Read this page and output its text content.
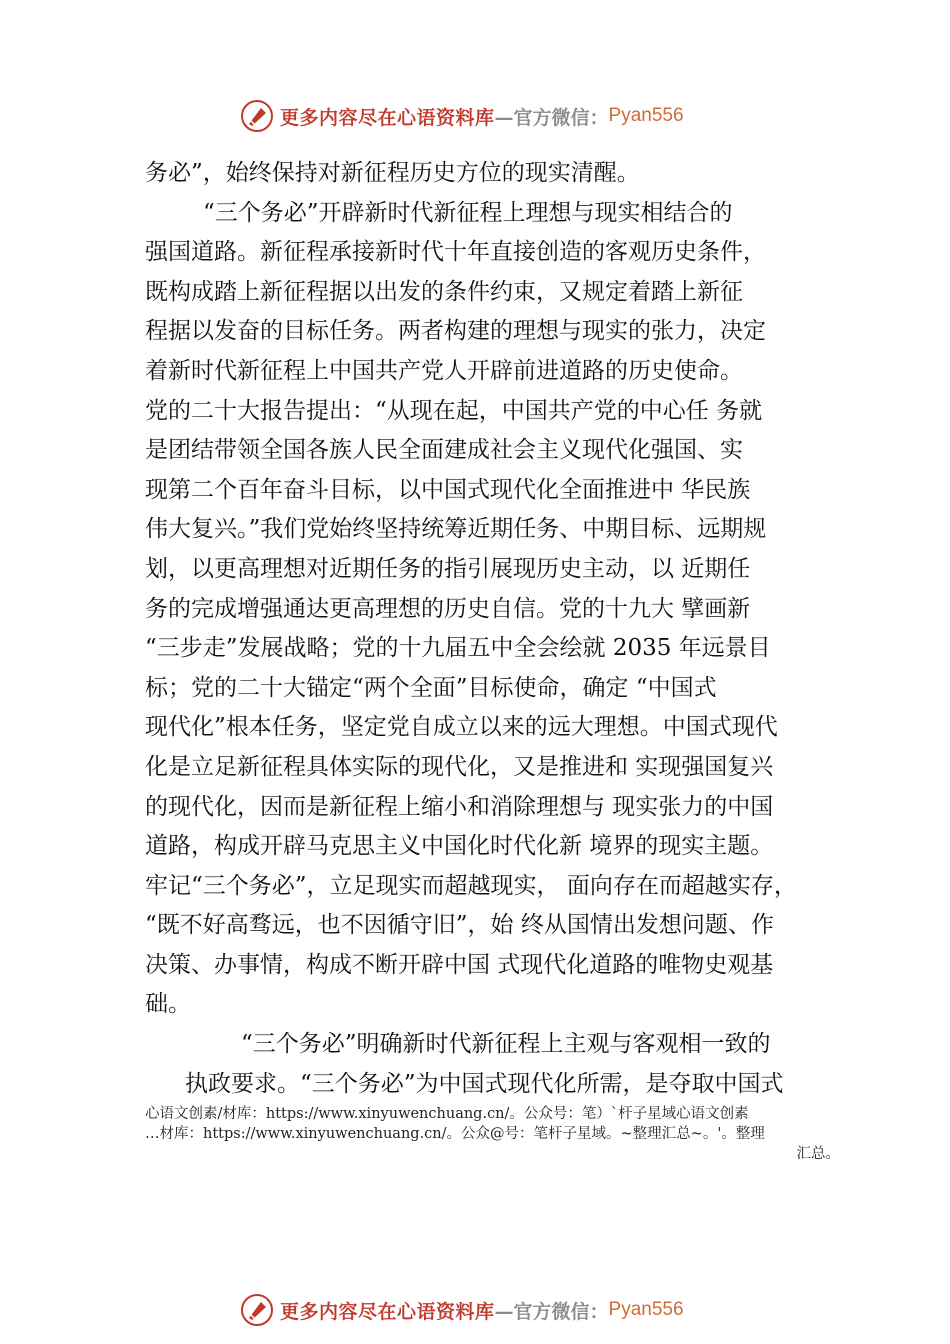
更多内容尽在心语资料库 —官方微信： Pyan556
务必”，始终保持对新征程历史方位的现实清醒。
“三个务必”开辟新时代新征程上理想与现实相结合的
强国道路。新征程承接新时代十年直接创造的客观历史条件，
既构成踏上新征程据以出发的条件约束，又规定着踏上新征
程据以发奋的目标任务。两者构建的理想与现实的张力，决定
着新时代新征程上中国共产党人开辟前进道路的历史使命。
党的二十大报告提出：“从现在起，中国共产党的中心任 务就
是团结带领全国各族人民全面建成社会主义现代化强国、实
现第二个百年奋斗目标，以中国式现代化全面推进中 华民族
伟大复兴。”我们党始终坚持统筹近期任务、中期目标、远期规
划，以更高理想对近期任务的指引展现历史主动，以 近期任
务的完成增强通达更高理想的历史自信。党的十九大 擘画新
“三步走”发展战略；党的十九届五中全会绘就 2035 年远景目
标；党的二十大锚定“两个全面”目标使命，确定 “中国式
现代化”根本任务，坚定党自成立以来的远大理想。中国式现代
化是立足新征程具体实际的现代化，又是推进和 实现强国复兴
的现代化，因而是新征程上缩小和消除理想与 现实张力的中国
道路，构成开辟马克思主义中国化时代化新 境界的现实主题。
牢记“三个务必”，立足现实而超越现实， 面向存在而超越实存，
“既不好高骛远，也不因循守旧”，始 终从国情出发想问题、作
决策、办事情，构成不断开辟中国 式现代化道路的唯物史观基
础。
“三个务必”明确新时代新征程上主观与客观相一致的
执政要求。“三个务必”为中国式现代化所需，是夺取中国式
心语文创素/材库：https://www.xinyuwenchuang.cn/。公众号：笔）`杆子星域心语文创素
…材库：https://www.xinyuwenchuang.cn/。公众@号：笔杆子星域。~整理汇总~。'。整理
汇总。
更多内容尽在心语资料库 —官方微信： Pyan556
